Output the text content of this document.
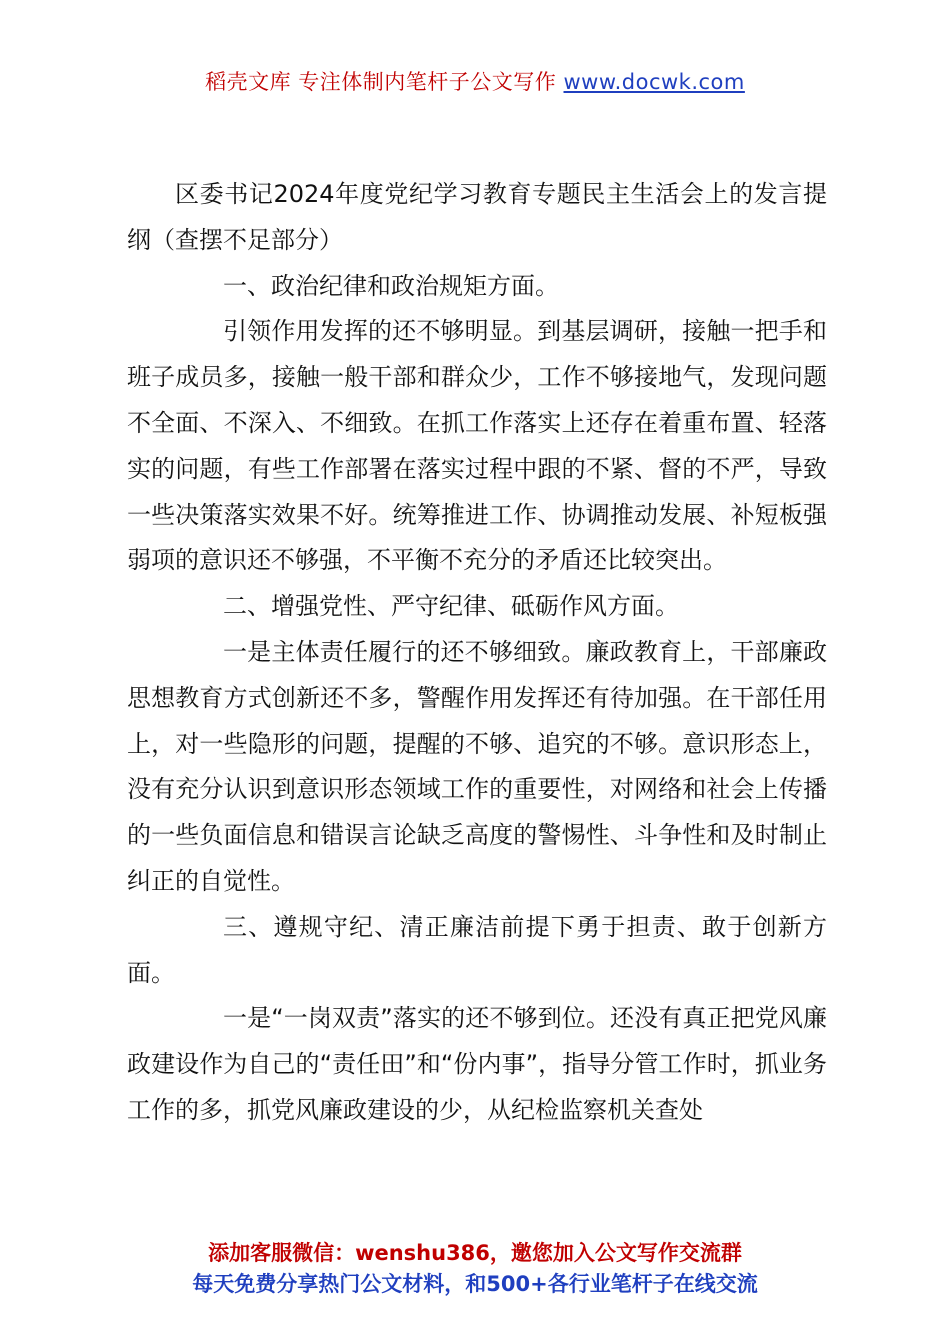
稻壳文库 专注体制内笔杆子公文写作 www.docwk.com

区委书记2024年度党纪学习教育专题民主生活会上的发言提纲（查摆不足部分）

一、政治纪律和政治规矩方面。

引领作用发挥的还不够明显。到基层调研，接触一把手和班子成员多，接触一般干部和群众少，工作不够接地气，发现问题不全面、不深入、不细致。在抓工作落实上还存在着重布置、轻落实的问题，有些工作部署在落实过程中跟的不紧、督的不严，导致一些决策落实效果不好。统筹推进工作、协调推动发展、补短板强弱项的意识还不够强，不平衡不充分的矛盾还比较突出。

二、增强党性、严守纪律、砥砺作风方面。

一是主体责任履行的还不够细致。廉政教育上，干部廉政思想教育方式创新还不多，警醒作用发挥还有待加强。在干部任用上，对一些隐形的问题，提醒的不够、追究的不够。意识形态上，没有充分认识到意识形态领域工作的重要性，对网络和社会上传播的一些负面信息和错误言论缺乏高度的警惕性、斗争性和及时制止纠正的自觉性。

三、遵规守纪、清正廉洁前提下勇于担责、敢于创新方面。

一是“一岗双责”落实的还不够到位。还没有真正把党风廉政建设作为自己的“责任田”和“份内事”，指导分管工作时，抓业务工作的多，抓党风廉政建设的少，从纪检监察机关查处

添加客服微信：wenshu386，邀您加入公文写作交流群
每天免费分享热门公文材料，和500+各行业笔杆子在线交流
